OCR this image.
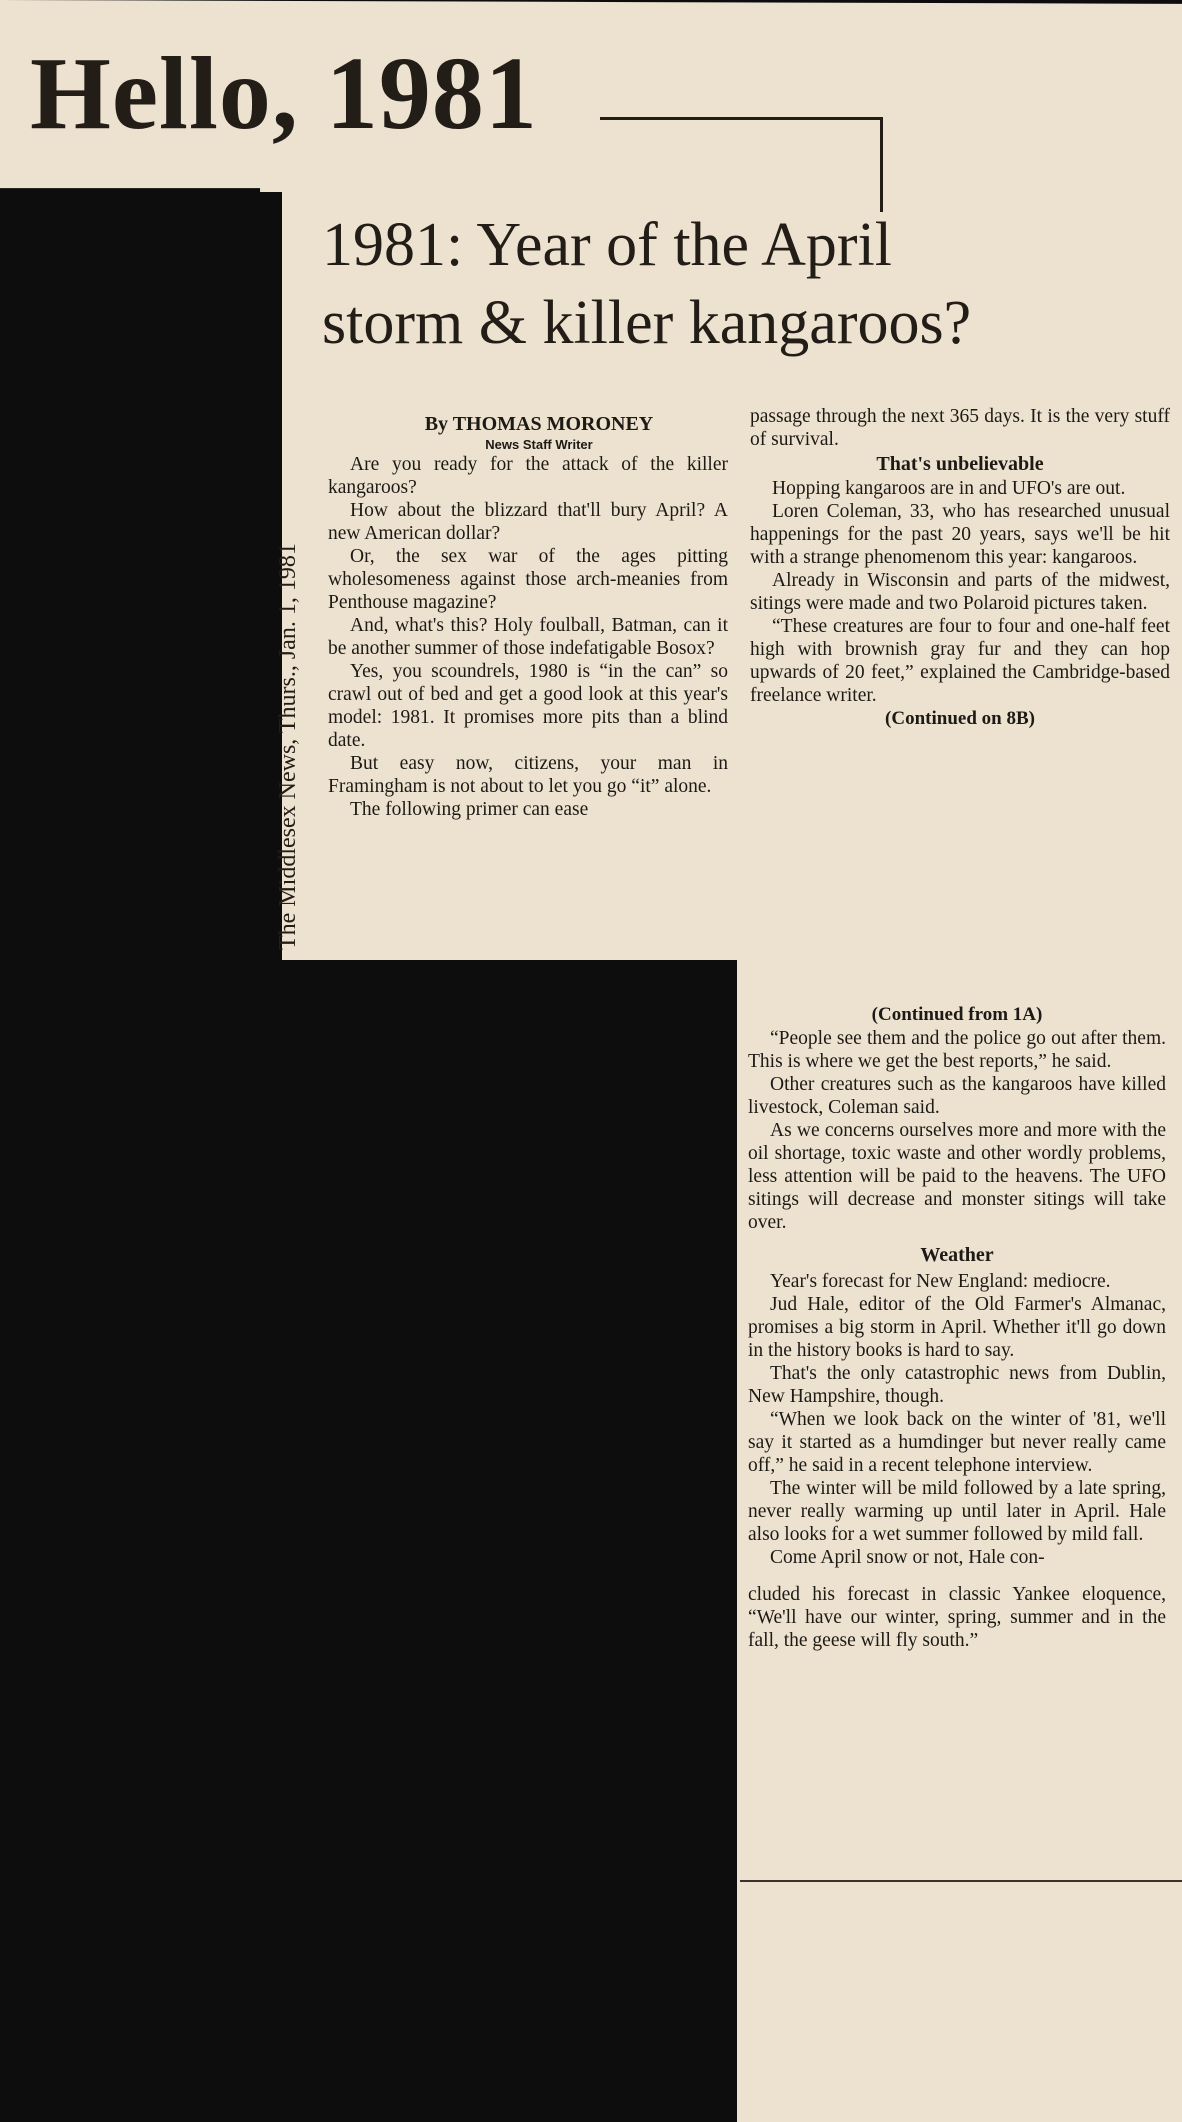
Hello, 1981
1981: Year of the April
storm & killer kangaroos?
The Middlesex News, Thurs., Jan. 1, 1981

By THOMAS MORONEY

News Staff Writer

Are you ready for the attack of the killer kangaroos?

How about the blizzard that'll bury April? A new American dollar?

Or, the sex war of the ages pitting wholesomeness against those arch-meanies from Penthouse magazine?

And, what's this? Holy foulball, Batman, can it be another summer of those indefatigable Bosox?

Yes, you scoundrels, 1980 is “in the can” so crawl out of bed and get a good look at this year's model: 1981. It promises more pits than a blind date.

But easy now, citizens, your man in Framingham is not about to let you go “it” alone.

The following primer can ease

passage through the next 365 days. It is the very stuff of survival.

That's unbelievable

Hopping kangaroos are in and UFO's are out.

Loren Coleman, 33, who has researched unusual happenings for the past 20 years, says we'll be hit with a strange phenomenom this year: kangaroos.

Already in Wisconsin and parts of the midwest, sitings were made and two Polaroid pictures taken.

“These creatures are four to four and one-half feet high with brownish gray fur and they can hop upwards of 20 feet,” explained the Cambridge-based freelance writer.

(Continued on 8B)

(Continued from 1A)

“People see them and the police go out after them. This is where we get the best reports,” he said.

Other creatures such as the kangaroos have killed livestock, Coleman said.

As we concerns ourselves more and more with the oil shortage, toxic waste and other wordly problems, less attention will be paid to the heavens. The UFO sitings will decrease and monster sitings will take over.

Weather

Year's forecast for New England: mediocre.

Jud Hale, editor of the Old Farmer's Almanac, promises a big storm in April. Whether it'll go down in the history books is hard to say.

That's the only catastrophic news from Dublin, New Hampshire, though.

“When we look back on the winter of '81, we'll say it started as a humdinger but never really came off,” he said in a recent telephone interview.

The winter will be mild followed by a late spring, never really warming up until later in April. Hale also looks for a wet summer followed by mild fall.

Come April snow or not, Hale con-

cluded his forecast in classic Yankee eloquence, “We'll have our winter, spring, summer and in the fall, the geese will fly south.”
